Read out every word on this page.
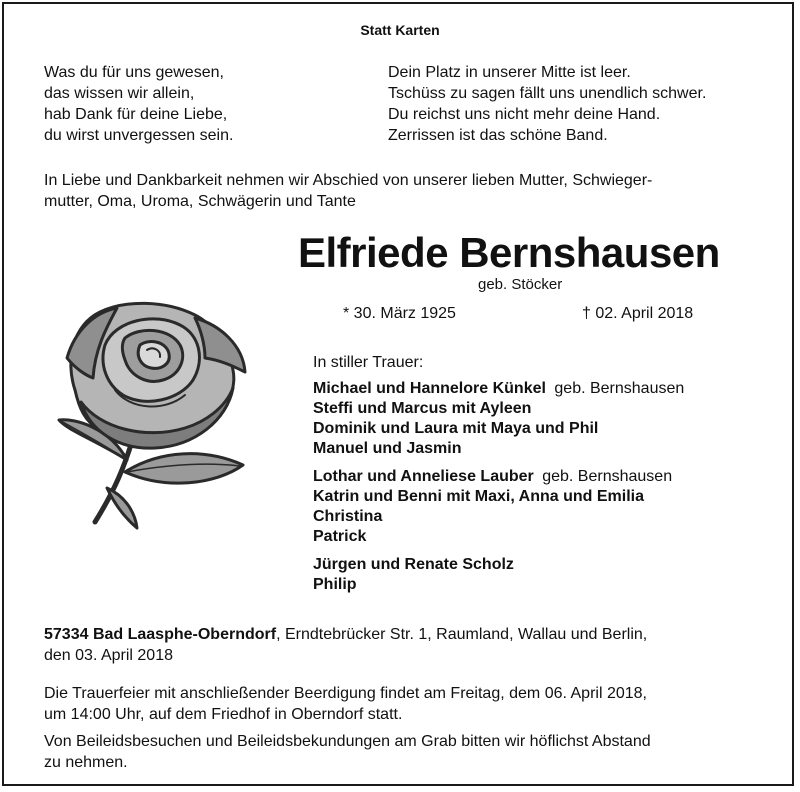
Statt Karten
Was du für uns gewesen,
das wissen wir allein,
hab Dank für deine Liebe,
du wirst unvergessen sein.
Dein Platz in unserer Mitte ist leer.
Tschüss zu sagen fällt uns unendlich schwer.
Du reichst uns nicht mehr deine Hand.
Zerrissen ist das schöne Band.
In Liebe und Dankbarkeit nehmen wir Abschied von unserer lieben Mutter, Schwieger-
mutter, Oma, Uroma, Schwägerin und Tante
Elfriede Bernshausen
geb. Stöcker
* 30. März 1925	† 02. April 2018
In stiller Trauer:
Michael und Hannelore Künkel geb. Bernshausen
Steffi und Marcus mit Ayleen
Dominik und Laura mit Maya und Phil
Manuel und Jasmin
Lothar und Anneliese Lauber geb. Bernshausen
Katrin und Benni mit Maxi, Anna und Emilia
Christina
Patrick
Jürgen und Renate Scholz
Philip
57334 Bad Laasphe-Oberndorf, Erndtebrücker Str. 1, Raumland, Wallau und Berlin,
den 03. April 2018
Die Trauerfeier mit anschließender Beerdigung findet am Freitag, dem 06. April 2018,
um 14:00 Uhr, auf dem Friedhof in Oberndorf statt.
Von Beileidsbesuchen und Beileidsbekundungen am Grab bitten wir höflichst Abstand
zu nehmen.
